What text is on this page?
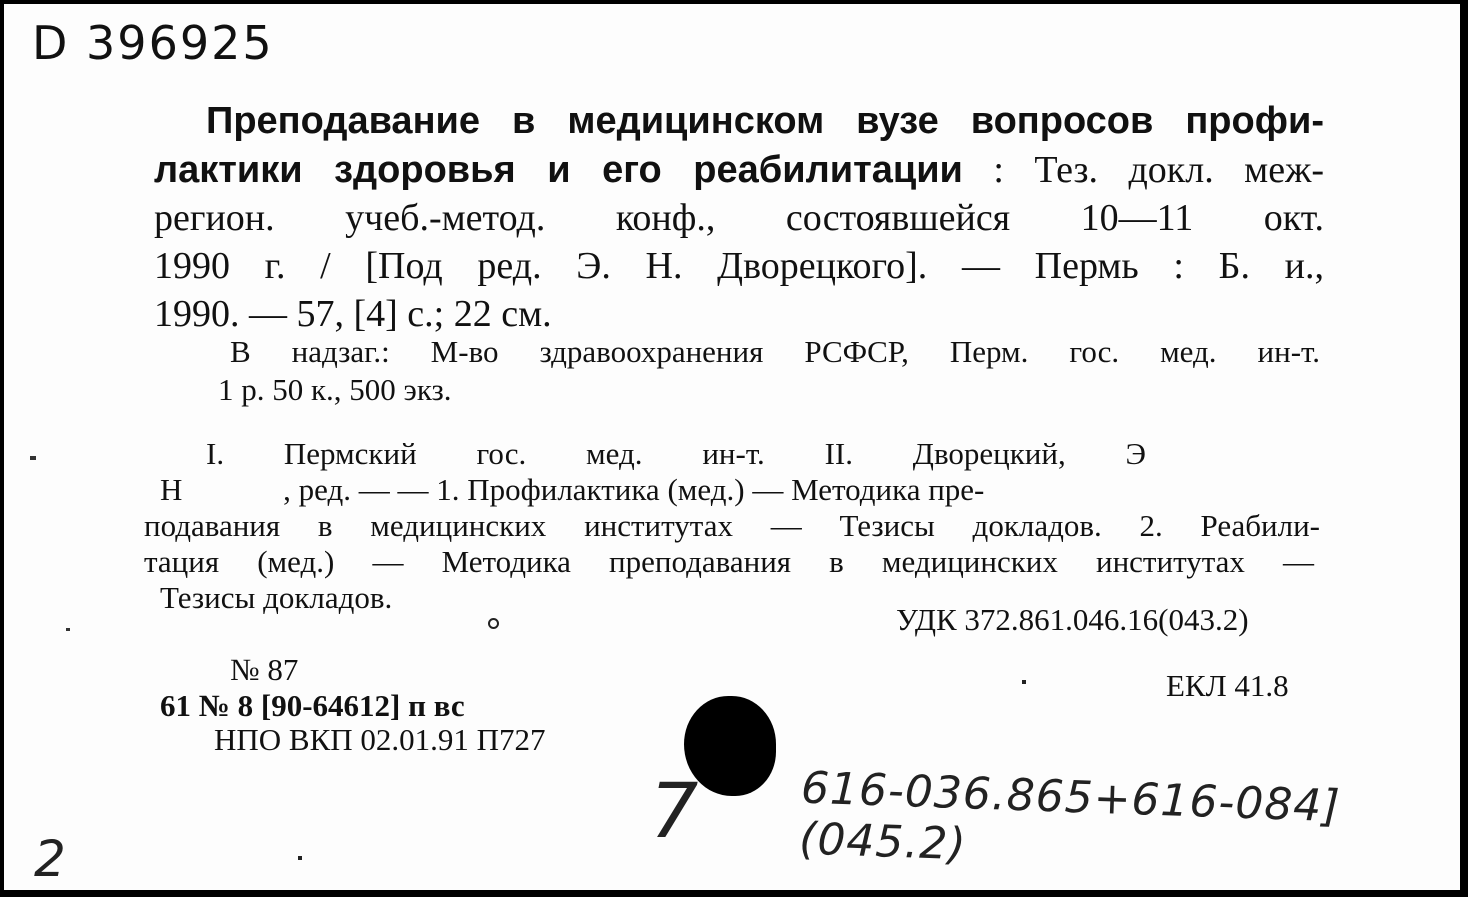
D 396925
Преподавание в медицинском вузе вопросов профи-
лактики здоровья и его реабилитации : Тез. докл. меж-
регион. учеб.-метод. конф., состоявшейся 10—11 окт.
1990 г. / [Под ред. Э. Н. Дворецкого]. — Пермь : Б. и.,
1990. — 57, [4] с.; 22 см.
В надзаг.: М-во здравоохранения РСФСР, Перм. гос. мед. ин-т.
1 р. 50 к., 500 экз.
I. Пермский гос. мед. ин-т. II. Дворецкий, Э
Н             , ред. — — 1. Профилактика (мед.) — Методика пре-
подавания в медицинских институтах — Тезисы докладов. 2. Реабили-
тация (мед.) — Методика преподавания в медицинских институтах —
Тезисы докладов.
УДК 372.861.046.16(043.2)
ЕКЛ 41.8
№ 87
61 № 8 [90-64612] п вс
НПО ВКП 02.01.91 П727
7 616-036.865+616-084](045.2)
2
